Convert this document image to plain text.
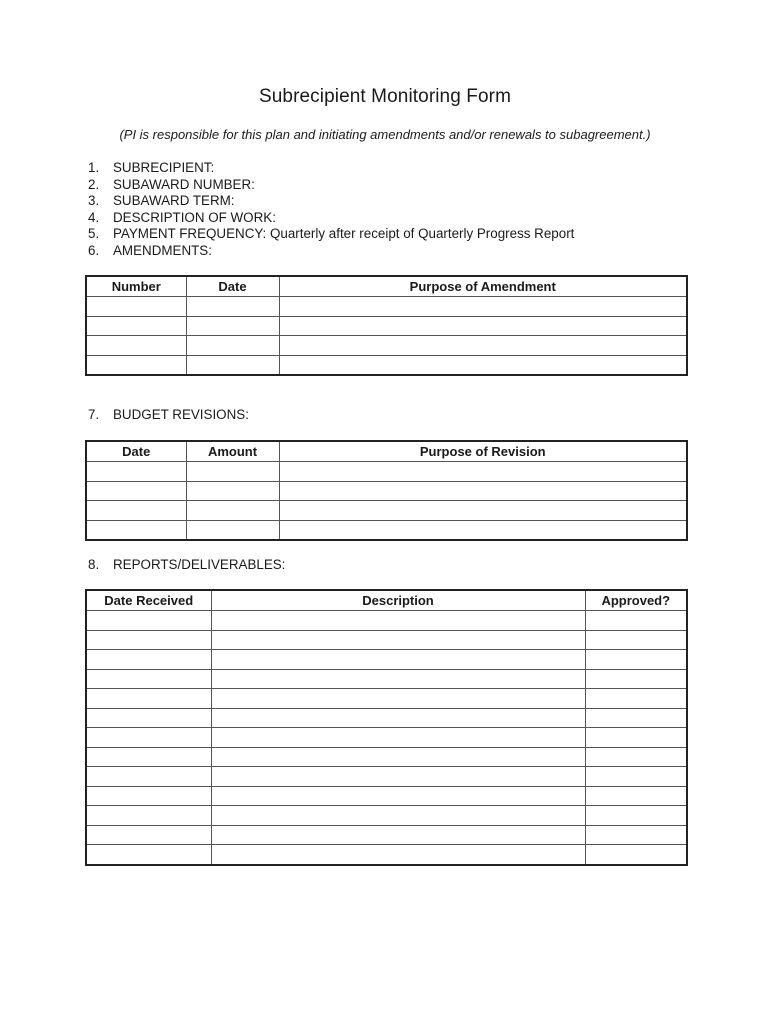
Subrecipient Monitoring Form
(PI is responsible for this plan and initiating amendments and/or renewals to subagreement.)
1.	SUBRECIPIENT:
2.	SUBAWARD NUMBER:
3.	SUBAWARD TERM:
4.	DESCRIPTION OF WORK:
5.	PAYMENT FREQUENCY: Quarterly after receipt of Quarterly Progress Report
6.	AMENDMENTS:
Number	Date	Purpose of Amendment

7.	BUDGET REVISIONS:
Date	Amount	Purpose of Revision

8.	REPORTS/DELIVERABLES:
Date Received	Description	Approved?
